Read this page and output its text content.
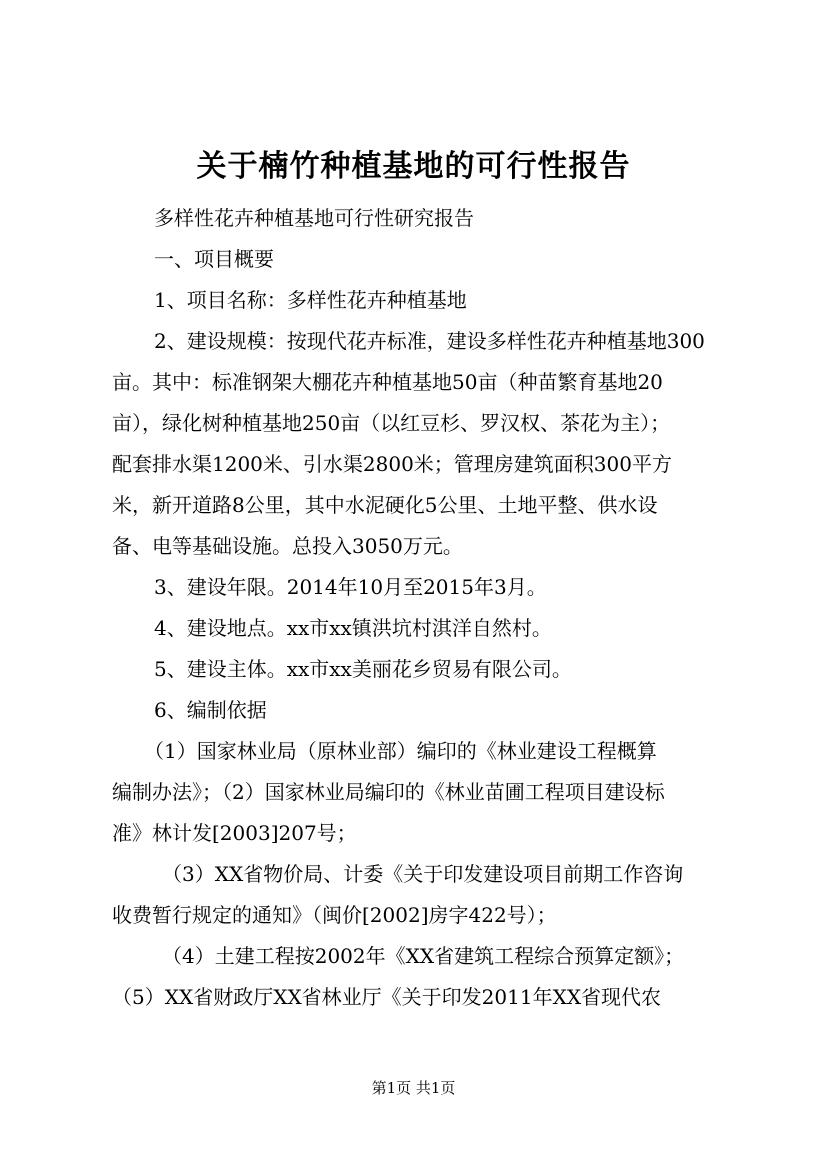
关于楠竹种植基地的可行性报告

多样性花卉种植基地可行性研究报告

一、项目概要

1、项目名称：多样性花卉种植基地

2、建设规模：按现代花卉标准，建设多样性花卉种植基地300

亩。其中：标准钢架大棚花卉种植基地50亩（种苗繁育基地20

亩），绿化树种植基地250亩（以红豆杉、罗汉权、茶花为主）；

配套排水渠1200米、引水渠2800米；管理房建筑面积300平方

米，新开道路8公里，其中水泥硬化5公里、土地平整、供水设

备、电等基础设施。总投入3050万元。

3、建设年限。2014年10月至2015年3月。

4、建设地点。xx市xx镇洪坑村淇洋自然村。

5、建设主体。xx市xx美丽花乡贸易有限公司。

6、编制依据

（1）国家林业局（原林业部）编印的《林业建设工程概算

编制办法》；（2）国家林业局编印的《林业苗圃工程项目建设标

准》林计发[2003]207号；

（3）XX省物价局、计委《关于印发建设项目前期工作咨询

收费暂行规定的通知》（闽价[2002]房字422号）；

（4）土建工程按2002年《XX省建筑工程综合预算定额》；

（5）XX省财政厅XX省林业厅《关于印发2011年XX省现代农

第1页 共1页
